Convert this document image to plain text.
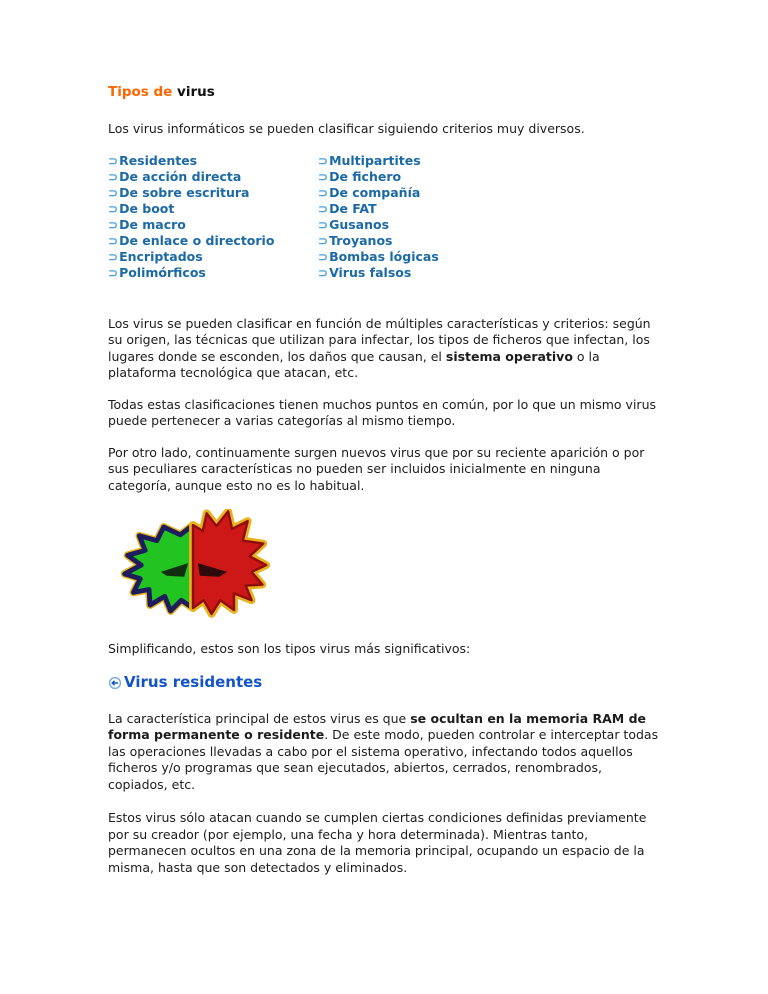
Tipos de virus

Los virus informáticos se pueden clasificar siguiendo criterios muy diversos.

⊃ Residentes
⊃ De acción directa
⊃ De sobre escritura
⊃ De boot
⊃ De macro
⊃ De enlace o directorio
⊃ Encriptados
⊃ Polimórficos
⊃ Multipartites
⊃ De fichero
⊃ De compañía
⊃ De FAT
⊃ Gusanos
⊃ Troyanos
⊃ Bombas lógicas
⊃ Virus falsos

Los virus se pueden clasificar en función de múltiples características y criterios: según su origen, las técnicas que utilizan para infectar, los tipos de ficheros que infectan, los lugares donde se esconden, los daños que causan, el sistema operativo o la plataforma tecnológica que atacan, etc.

Todas estas clasificaciones tienen muchos puntos en común, por lo que un mismo virus puede pertenecer a varias categorías al mismo tiempo.

Por otro lado, continuamente surgen nuevos virus que por su reciente aparición o por sus peculiares características no pueden ser incluidos inicialmente en ninguna categoría, aunque esto no es lo habitual.

Simplificando, estos son los tipos virus más significativos:

Virus residentes

La característica principal de estos virus es que se ocultan en la memoria RAM de forma permanente o residente. De este modo, pueden controlar e interceptar todas las operaciones llevadas a cabo por el sistema operativo, infectando todos aquellos ficheros y/o programas que sean ejecutados, abiertos, cerrados, renombrados, copiados, etc.

Estos virus sólo atacan cuando se cumplen ciertas condiciones definidas previamente por su creador (por ejemplo, una fecha y hora determinada). Mientras tanto, permanecen ocultos en una zona de la memoria principal, ocupando un espacio de la misma, hasta que son detectados y eliminados.
